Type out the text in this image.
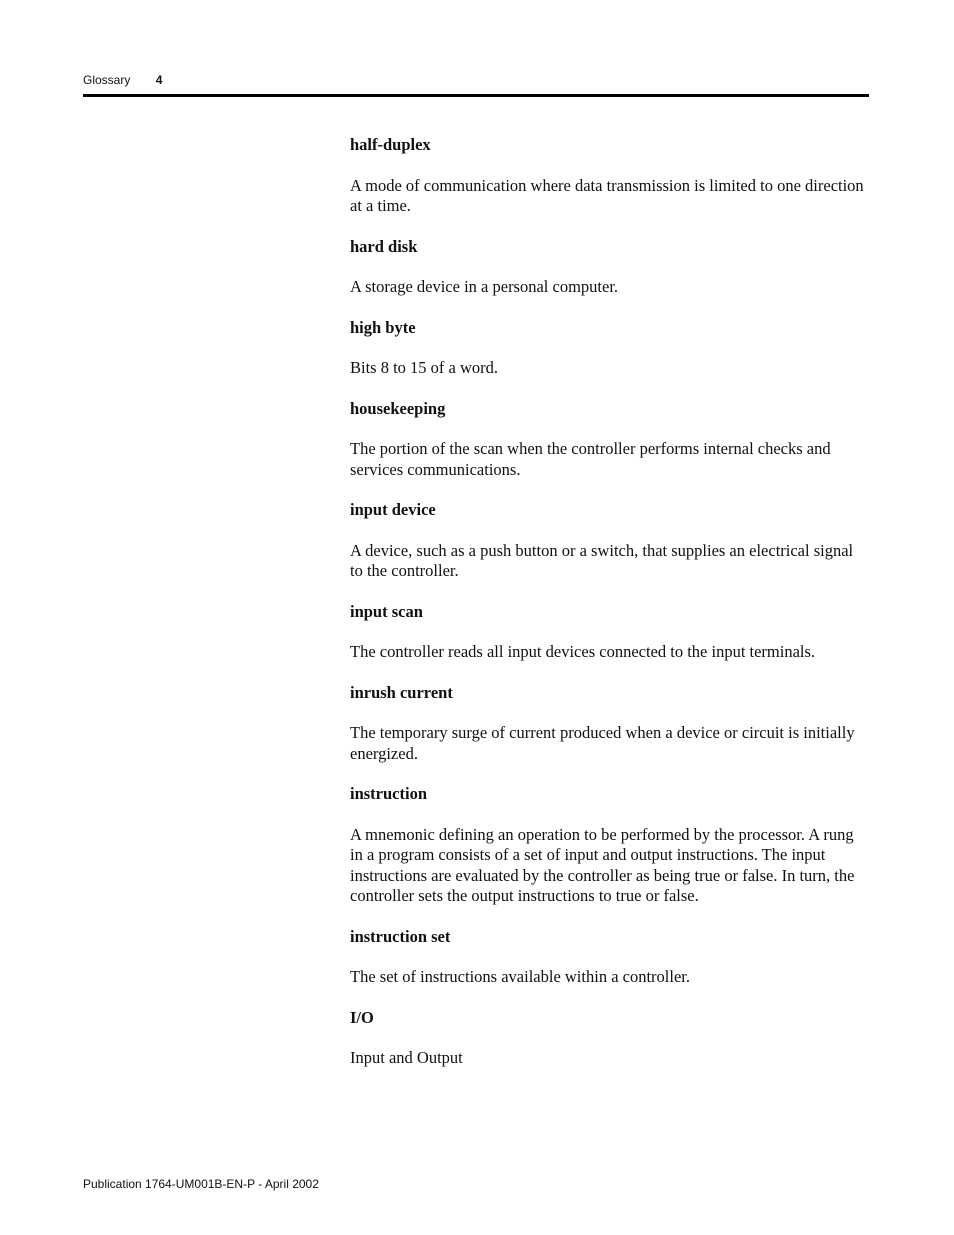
Glossary 4

half-duplex

A mode of communication where data transmission is limited to one direction at a time.

hard disk

A storage device in a personal computer.

high byte

Bits 8 to 15 of a word.

housekeeping

The portion of the scan when the controller performs internal checks and services communications.

input device

A device, such as a push button or a switch, that supplies an electrical signal to the controller.

input scan

The controller reads all input devices connected to the input terminals.

inrush current

The temporary surge of current produced when a device or circuit is initially energized.

instruction

A mnemonic defining an operation to be performed by the processor. A rung in a program consists of a set of input and output instructions. The input instructions are evaluated by the controller as being true or false. In turn, the controller sets the output instructions to true or false.

instruction set

The set of instructions available within a controller.

I/O

Input and Output

Publication 1764-UM001B-EN-P - April 2002
